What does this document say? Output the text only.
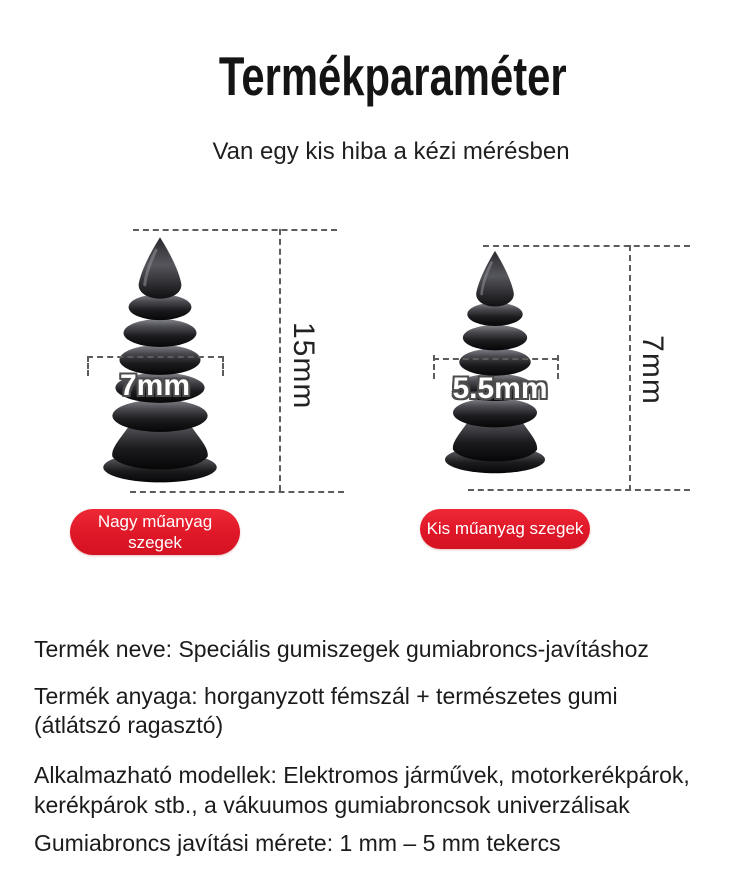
Termékparaméter
Van egy kis hiba a kézi mérésben
15mm
7mm
Nagy műanyag
szegek
7mm
5.5mm
Kis műanyag szegek
Termék neve: Speciális gumiszegek gumiabroncs-javításhoz
Termék anyaga: horganyzott fémszál + természetes gumi
(átlátszó ragasztó)
Alkalmazható modellek: Elektromos járművek, motorkerékpárok,
kerékpárok stb., a vákuumos gumiabroncsok univerzálisak
Gumiabroncs javítási mérete: 1 mm – 5 mm tekercs
